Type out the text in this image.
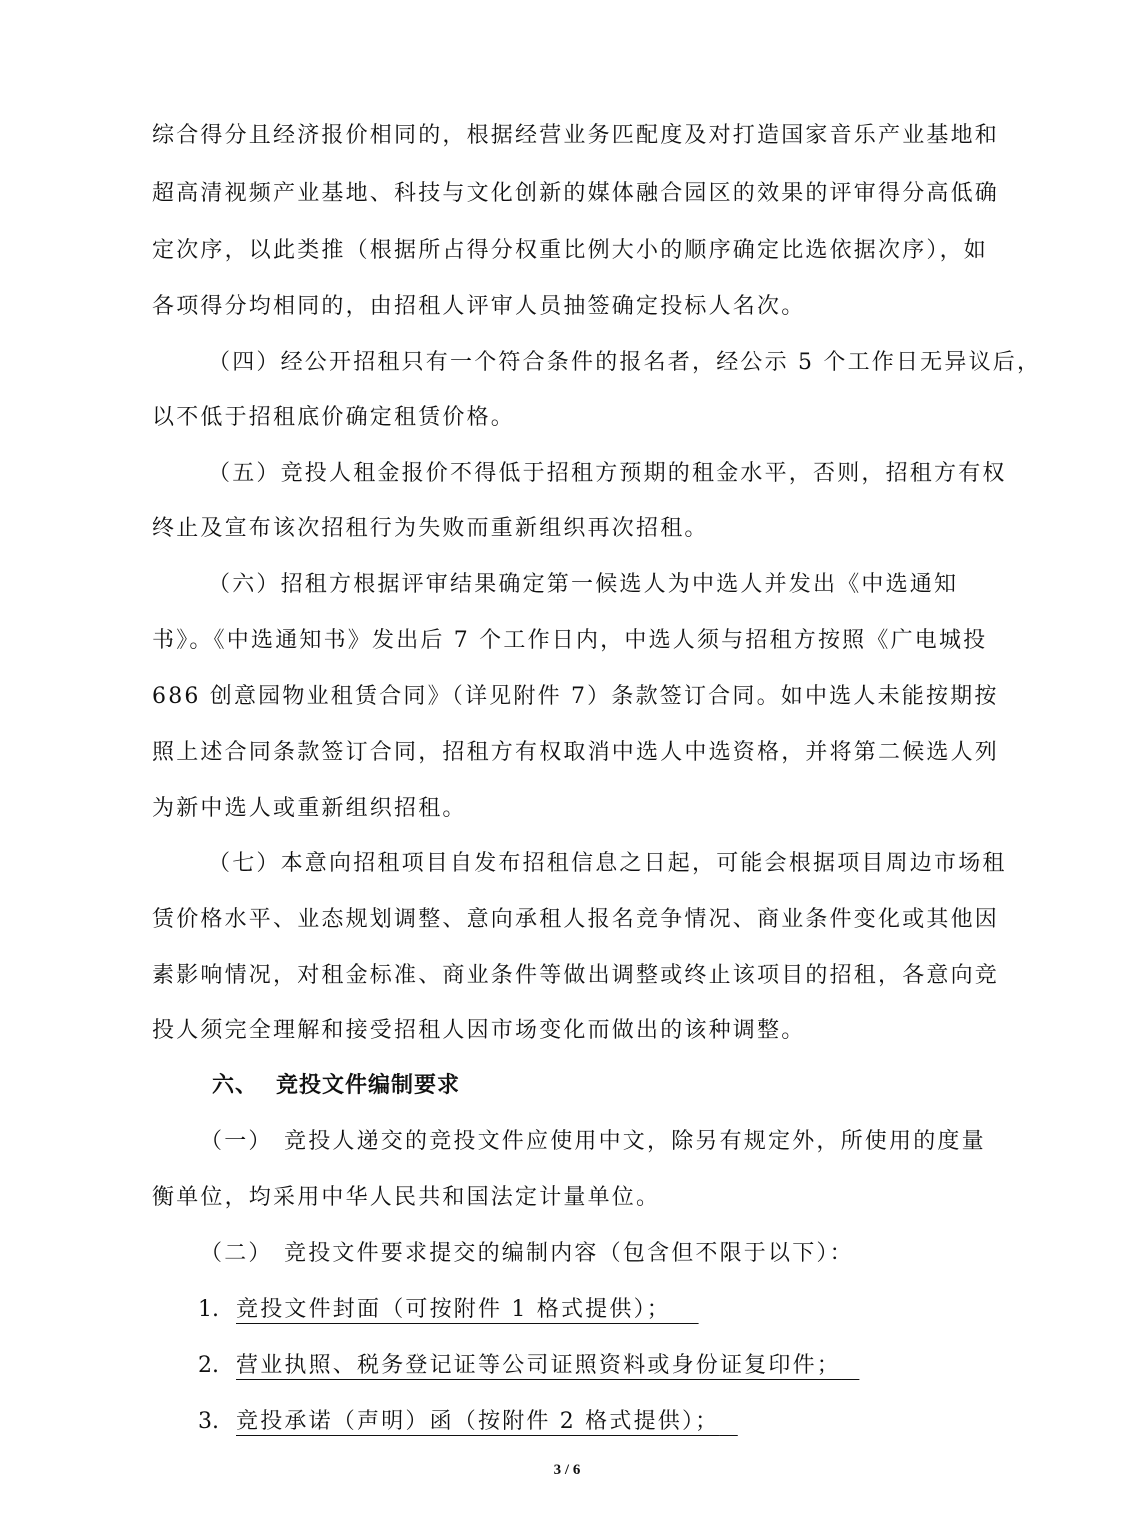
综合得分且经济报价相同的，根据经营业务匹配度及对打造国家音乐产业基地和
超高清视频产业基地、科技与文化创新的媒体融合园区的效果的评审得分高低确
定次序，以此类推（根据所占得分权重比例大小的顺序确定比选依据次序），如
各项得分均相同的，由招租人评审人员抽签确定投标人名次。
（四）经公开招租只有一个符合条件的报名者，经公示 5 个工作日无异议后，
以不低于招租底价确定租赁价格。
（五）竞投人租金报价不得低于招租方预期的租金水平，否则，招租方有权
终止及宣布该次招租行为失败而重新组织再次招租。
（六）招租方根据评审结果确定第一候选人为中选人并发出《中选通知
书》。《中选通知书》发出后 7 个工作日内，中选人须与招租方按照《广电城投
686 创意园物业租赁合同》（详见附件 7）条款签订合同。如中选人未能按期按
照上述合同条款签订合同，招租方有权取消中选人中选资格，并将第二候选人列
为新中选人或重新组织招租。
（七）本意向招租项目自发布招租信息之日起，可能会根据项目周边市场租
赁价格水平、业态规划调整、意向承租人报名竞争情况、商业条件变化或其他因
素影响情况，对租金标准、商业条件等做出调整或终止该项目的招租，各意向竞
投人须完全理解和接受招租人因市场变化而做出的该种调整。
六、 竞投文件编制要求
（一） 竞投人递交的竞投文件应使用中文，除另有规定外，所使用的度量
衡单位，均采用中华人民共和国法定计量单位。
（二） 竞投文件要求提交的编制内容（包含但不限于以下）：
1. 竞投文件封面（可按附件 1 格式提供）；
2. 营业执照、税务登记证等公司证照资料或身份证复印件；
3. 竞投承诺（声明）函（按附件 2 格式提供）；
3 / 6
